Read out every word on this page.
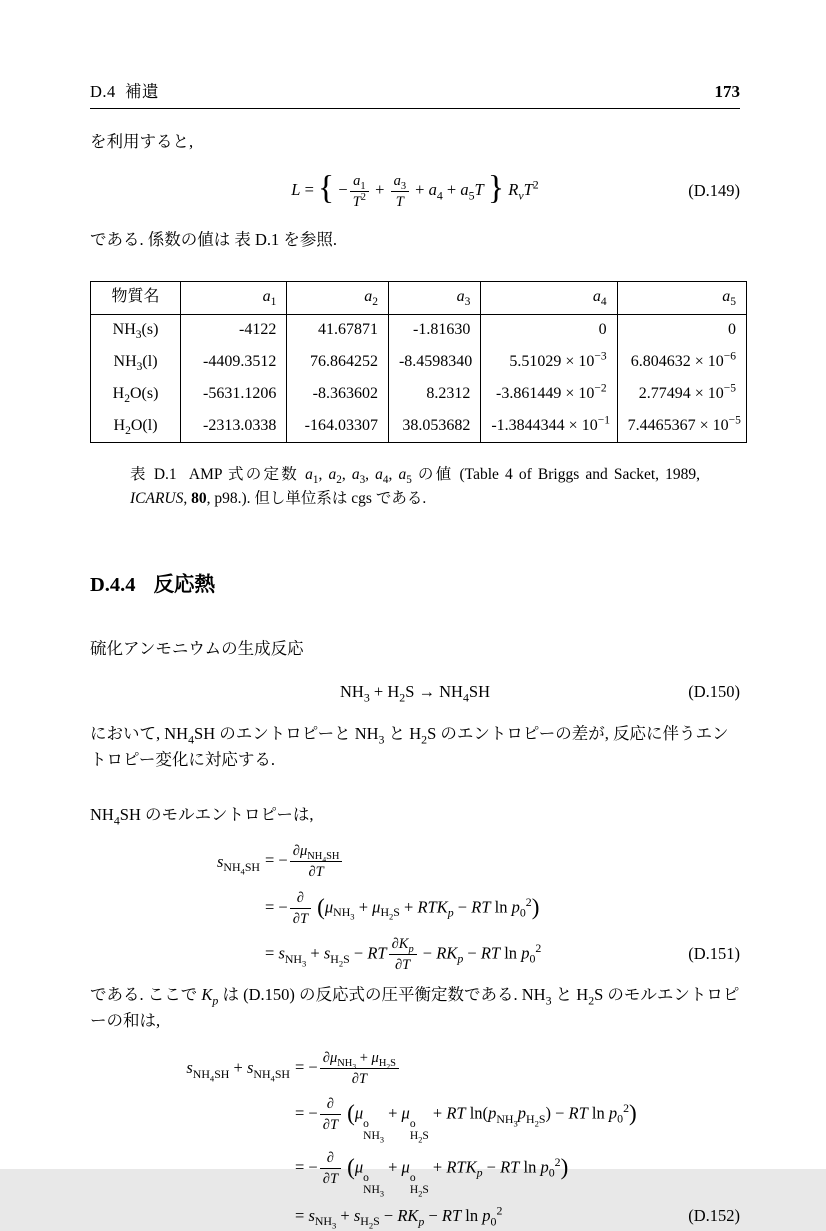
D.4  補遺	173

を利用すると,

L = { − $\frac{a_1}{T^2} + \frac{a_3}{T} + a_4 + a_5T$ } $R_vT^2$	(D.149)

である. 係数の値は 表 D.1 を参照.

物質名	$a_1$	$a_2$	$a_3$	$a_4$	$a_5$
$NH_3(s)$	-4122	41.67871	-1.81630	0	0
$NH_3(l)$	-4409.3512	76.864252	-8.4598340	$5.51029 \times 10^{-3}$	$6.804632 \times 10^{-6}$
$H_2O(s)$	-5631.1206	-8.363602	8.2312	$-3.861449 \times 10^{-2}$	$2.77494 \times 10^{-5}$
$H_2O(l)$	-2313.0338	-164.03307	38.053682	$-1.3844344 \times 10^{-1}$	$7.4465367 \times 10^{-5}$

表 D.1  AMP 式の定数 $a_1$, $a_2$, $a_3$, $a_4$, $a_5$ の値 (Table 4 of Briggs and Sacket, 1989, ICARUS, 80, p98.). 但し単位系は cgs である.

D.4.4 反応熱

硫化アンモニウムの生成反応

$NH_3 + H_2S \to NH_4SH$	(D.150)

において, $NH_4SH$ のエントロピーと $NH_3$ と $H_2S$ のエントロピーの差が, 反応に伴うエントロピー変化に対応する.

$NH_4SH$ のモルエントロピーは,

$s_{NH_4SH}$ = − $\frac{\partial\mu_{NH_4SH}}{\partial T}$
= − $\frac{\partial}{\partial T} (\mu_{NH_3} + \mu_{H_2S} + RTK_p$ − RT $\ln p_0^2$)
= $s_{NH_3} + s_{H_2S}$ − RT $\frac{\partial K_p}{\partial T} - RK_p$ − RT $\ln p_0^2$	(D.151)

である. ここで $K_p$ は (D.150) の反応式の圧平衡定数である. $NH_3$ と $H_2S$ のモルエントロピーの和は,

$s_{NH_4SH} + s_{NH_4SH}$ = − $\frac{\partial\mu_{NH_3} + \mu_{H_2S}}{\partial T}$
= − $\frac{\partial}{\partial T} (\mu$
o
$NH_3$
+ μ
o
$H_2S$
+ RT $\ln(p_{NH_3}p_{H_2S})$ − RT $\ln p_0^2$)
= − $\frac{\partial}{\partial T} (\mu$
o
$NH_3$
+ μ
o
$H_2S$
+ $RTK_p$ − RT $\ln p_0^2$)
= $s_{NH_3} + s_{H_2S} - RK_p$ − RT $\ln p_0^2$	(D.152)
